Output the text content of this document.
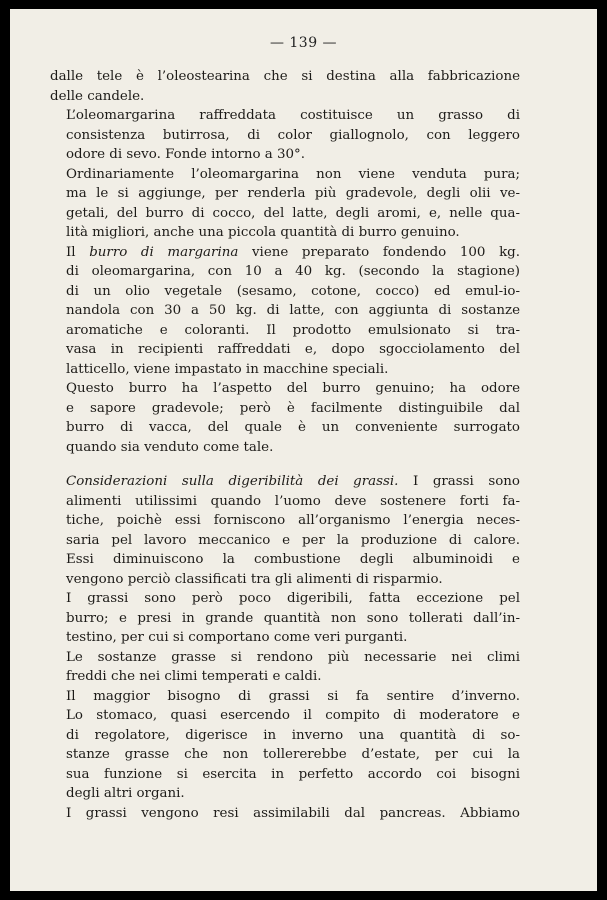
— 139 —

dalle tele è l’oleostearina che si destina alla fabbricazione
delle candele.

L’oleomargarina raffreddata costituisce un grasso di
consistenza butirrosa, di color giallognolo, con leggero
odore di sevo. Fonde intorno a 30°.

Ordinariamente l’oleomargarina non viene venduta pura;
ma le si aggiunge, per renderla più gradevole, degli olii ve-
getali, del burro di cocco, del latte, degli aromi, e, nelle qua-
lità migliori, anche una piccola quantità di burro genuino.

Il burro di margarina viene preparato fondendo 100 kg.
di oleomargarina, con 10 a 40 kg. (secondo la stagione)
di un olio vegetale (sesamo, cotone, cocco) ed emul-io-
nandola con 30 a 50 kg. di latte, con aggiunta di sostanze
aromatiche e coloranti. Il prodotto emulsionato si tra-
vasa in recipienti raffreddati e, dopo sgocciolamento del
latticello, viene impastato in macchine speciali.

Questo burro ha l’aspetto del burro genuino; ha odore
e sapore gradevole; però è facilmente distinguibile dal
burro di vacca, del quale è un conveniente surrogato
quando sia venduto come tale.

Considerazioni sulla digeribilità dei grassi. I grassi sono
alimenti utilissimi quando l’uomo deve sostenere forti fa-
tiche, poichè essi forniscono all’organismo l’energia neces-
saria pel lavoro meccanico e per la produzione di calore.
Essi diminuiscono la combustione degli albuminoidi e
vengono perciò classificati tra gli alimenti di risparmio.

I grassi sono però poco digeribili, fatta eccezione pel
burro; e presi in grande quantità non sono tollerati dall’in-
testino, per cui si comportano come veri purganti.

Le sostanze grasse si rendono più necessarie nei climi
freddi che nei climi temperati e caldi.

Il maggior bisogno di grassi si fa sentire d’inverno.
Lo stomaco, quasi esercendo il compito di moderatore e
di regolatore, digerisce in inverno una quantità di so-
stanze grasse che non tollererebbe d’estate, per cui la
sua funzione si esercita in perfetto accordo coi bisogni
degli altri organi.

I grassi vengono resi assimilabili dal pancreas. Abbiamo
